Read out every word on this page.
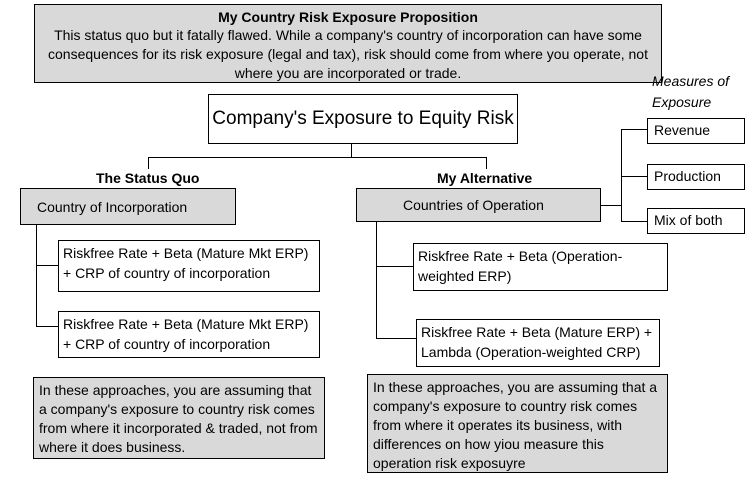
My Country Risk Exposure Proposition
This status quo but it fatally flawed. While a company's country of incorporation can have some consequences for its risk exposure (legal and tax), risk should come from where you operate, not where you are incorporated or trade.
Company's Exposure to Equity Risk
The Status Quo	My Alternative
Country of Incorporation
Riskfree Rate + Beta (Mature Mkt ERP) + CRP of country of incorporation
Riskfree Rate + Beta (Mature Mkt ERP) + CRP of country of incorporation
In these approaches, you are assuming that a company's exposure to country risk comes from where it incorporated & traded, not from where it does business.
Countries of Operation
Riskfree Rate + Beta (Operation-weighted ERP)
Riskfree Rate + Beta (Mature ERP) + Lambda (Operation-weighted CRP)
In these approaches, you are assuming that a company's exposure to country risk comes from where it operates its business, with differences on how yiou measure this operation risk exposuyre
Measures of
Exposure
Revenue
Production
Mix of both
